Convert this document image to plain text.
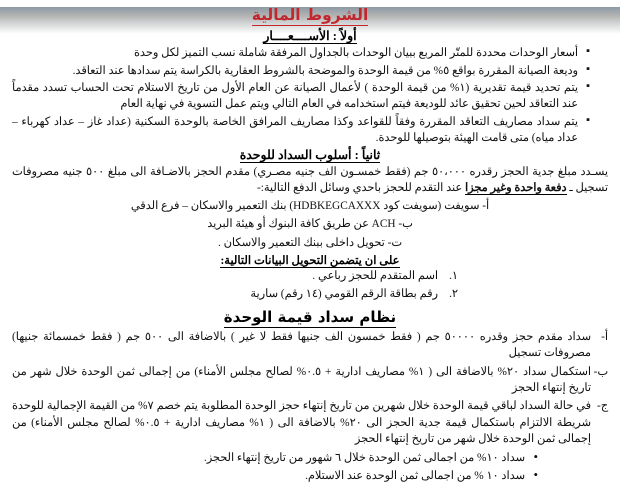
الشروط المالية
أولاً : الأســــعــــار
▪ أسعار الوحدات محددة للمتّر المربع ببيان الوحدات بالجداول المرفقة شاملة نسب التميز لكل وحدة
▪ وديعة الصيانة المقررة بواقع ٥% من قيمة الوحدة والموضحة بالشروط العقارية بالكراسة يتم سدادها عند التعاقد.
▪ يتم تحديد قيمة تقديرية (١% من قيمة الوحدة ) لأعمال الصيانة عن العام الأول من تاريخ الاستلام تحت الحساب تسدد مقدماً عند التعاقد لحين تحقيق عائد للوديعة فيتم استخدامه في العام التالي ويتم عمل التسوية في نهاية العام
▪ يتم سداد مصاريف التعاقد المقررة وفقاً للقواعد وكذا مصاريف المرافق الخاصة بالوحدة السكنية (عداد غاز – عداد كهرباء – عداد مياه) متى قامت الهيئة بتوصيلها للوحدة.
ثانياً : أسلوب السداد للوحدة

يسـدد مبلغ جدية الحجز رقدره ٥٠،٠٠٠ جم (فقط خمسـون الف جنيه مصـري) مقدم الحجز بالاضـافة الى مبلغ ٥٠٠ جنيه مصروفات تسجيل ـ دفعة واحدة وغير مجزا عند التقدم للحجز باحدي وسائل الدفع التالية:-

أ- سويفت (سويفت كود HDBKEGCAXXX) بنك التعمير والاسكان – فرع الدقي
ب- ACH عن طريق كافة البنوك أو هيئة البريد
ت- تحويل داخلى ببنك التعمير والاسكان .
على ان يتضمن التحويل البيانات التالية:
١.
اسم المتقدم للحجز رباعي .
٢.
رقم بطاقة الرقم القومي (١٤ رقم) سارية
نظام سداد قيمة الوحدة
أ-
سداد مقدم حجز وقدره ٥٠٠٠٠ جم ( فقط خمسون الف جنيها فقط لا غير ) بالاضافة الى ٥٠٠ جم ( فقط خمسمائة جنيها) مصروفات تسجيل
ب-
استكمال سداد ٢٠% بالاضافة الى ( ١% مصاريف ادارية + ٠.٥% لصالح مجلس الأمناء) من إجمالى ثمن الوحدة خلال شهر من تاريخ إنتهاء الحجز
ج-
في حالة السداد لباقي قيمة الوحدة خلال شهرين من تاريخ إنتهاء حجز الوحدة المطلوبة يتم خصم ٧% من القيمة الإجمالية للوحدة شريطة الالتزام باستكمال قيمة جدية الحجز الى ٢٠% بالاضافة الى ( ١% مصاريف ادارية + ٠.٥% لصالح مجلس الأمناء) من إجمالى ثمن الوحدة خلال شهر من تاريخ إنتهاء الحجز
• سداد ١٠% من اجمالى ثمن الوحدة خلال ٦ شهور من تاريخ إنتهاء الحجز.
• سداد ١٠ % من اجمالى ثمن الوحدة عند الاستلام.
